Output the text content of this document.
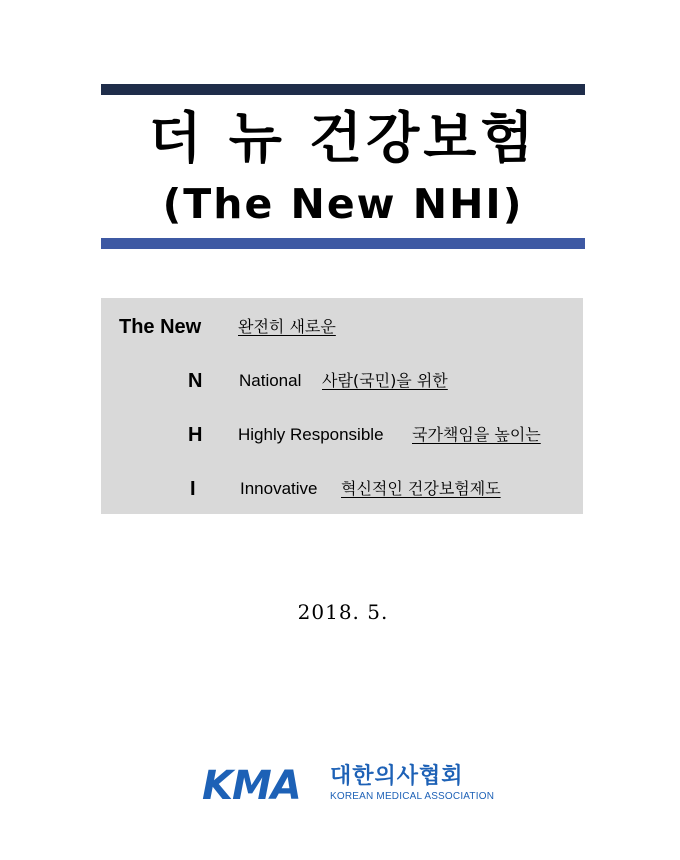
더 뉴 건강보험
(The New NHI)
The New 완전히 새로운
N National 사람(국민)을 위한
H Highly Responsible 국가책임을 높이는
I	Innovative 혁신적인 건강보험제도
2018. 5.
KMA 대한의사협회
KOREAN MEDICAL ASSOCIATION
